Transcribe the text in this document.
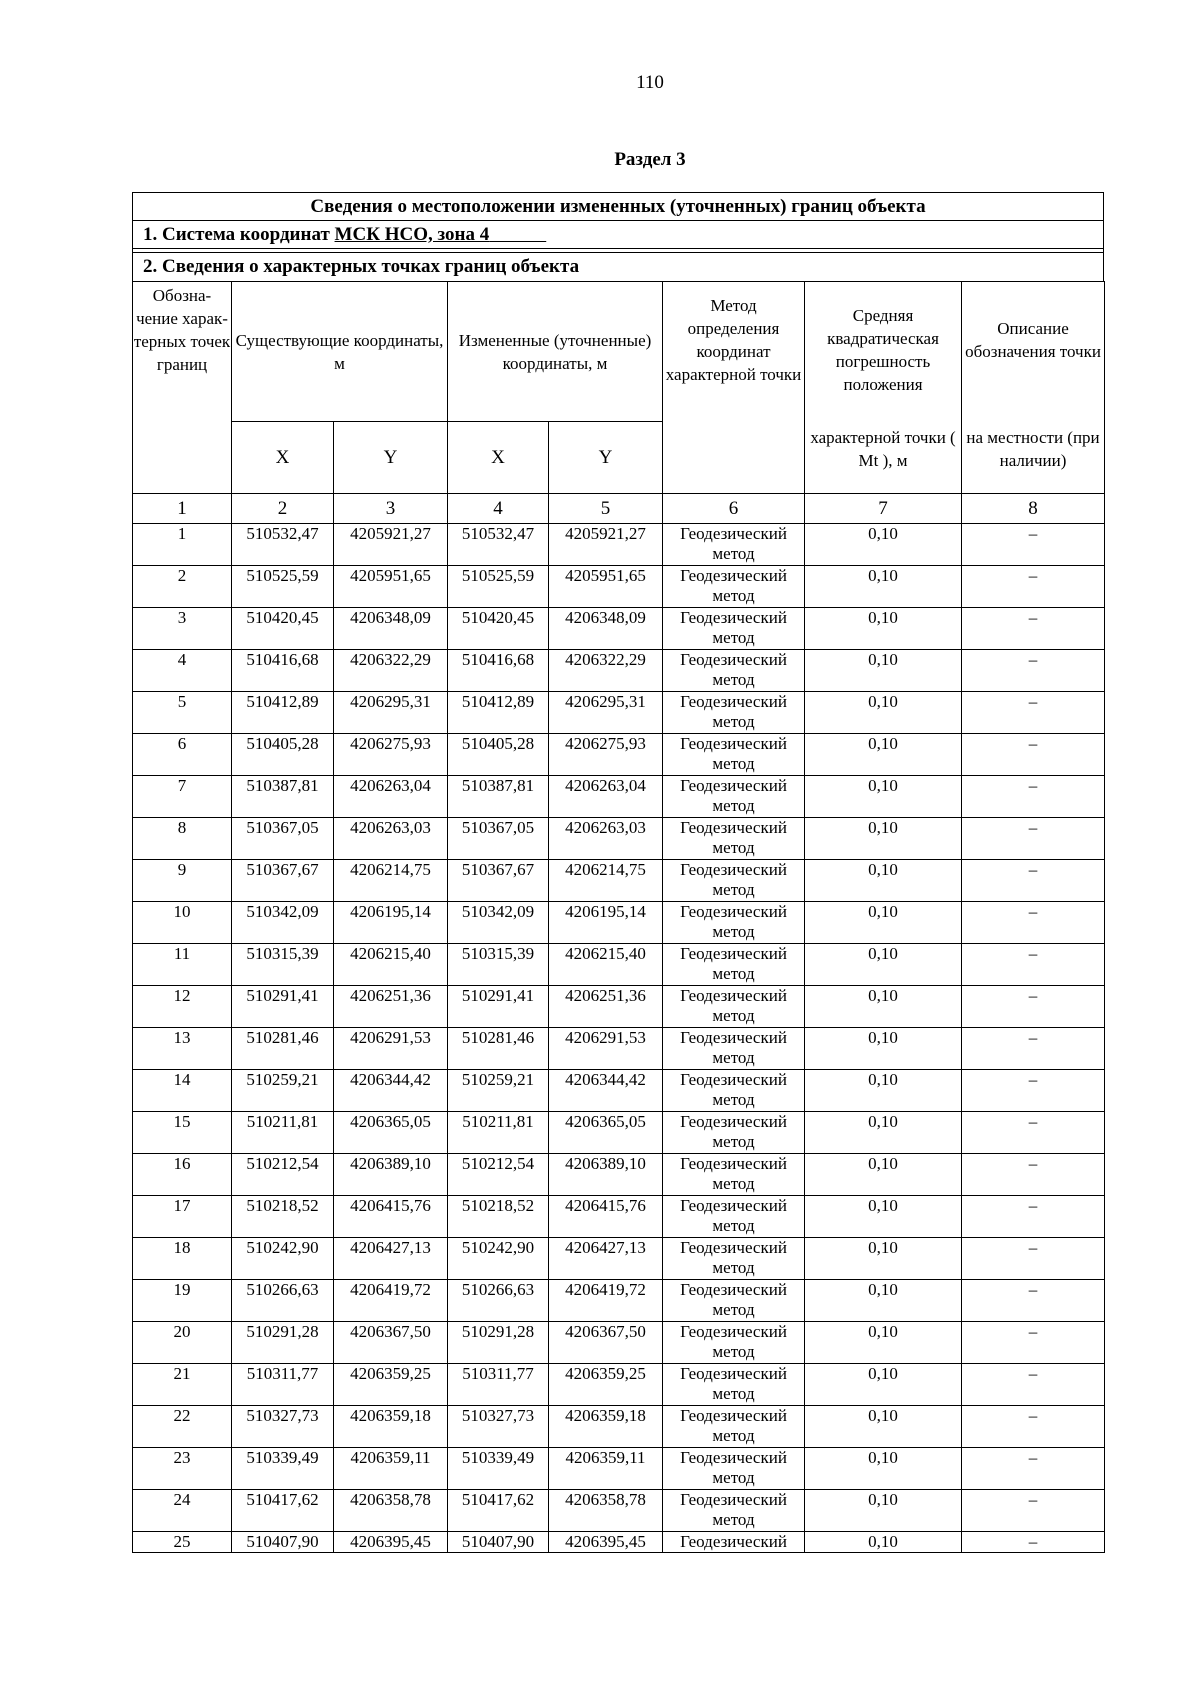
110
Раздел 3
Сведения о местоположении измененных (уточненных) границ объекта
1. Система координат МСК НСО, зона 4
2. Сведения о характерных точках границ объекта
Обозна-чение харак-терных точек границ	Существующие координаты, м		Измененные (уточненные) координаты, м		Метод определения координат характерной точки	Средняя квадратическая погрешность положения	Описание обозначения точки
	X	Y	X	Y		характерной точки ( Mt ), м	на местности (при наличии)
1	2	3	4	5	6	7	8
1	510532,47	4205921,27	510532,47	4205921,27	Геодезический метод	0,10	–
2	510525,59	4205951,65	510525,59	4205951,65	Геодезический метод	0,10	–
3	510420,45	4206348,09	510420,45	4206348,09	Геодезический метод	0,10	–
4	510416,68	4206322,29	510416,68	4206322,29	Геодезический метод	0,10	–
5	510412,89	4206295,31	510412,89	4206295,31	Геодезический метод	0,10	–
6	510405,28	4206275,93	510405,28	4206275,93	Геодезический метод	0,10	–
7	510387,81	4206263,04	510387,81	4206263,04	Геодезический метод	0,10	–
8	510367,05	4206263,03	510367,05	4206263,03	Геодезический метод	0,10	–
9	510367,67	4206214,75	510367,67	4206214,75	Геодезический метод	0,10	–
10	510342,09	4206195,14	510342,09	4206195,14	Геодезический метод	0,10	–
11	510315,39	4206215,40	510315,39	4206215,40	Геодезический метод	0,10	–
12	510291,41	4206251,36	510291,41	4206251,36	Геодезический метод	0,10	–
13	510281,46	4206291,53	510281,46	4206291,53	Геодезический метод	0,10	–
14	510259,21	4206344,42	510259,21	4206344,42	Геодезический метод	0,10	–
15	510211,81	4206365,05	510211,81	4206365,05	Геодезический метод	0,10	–
16	510212,54	4206389,10	510212,54	4206389,10	Геодезический метод	0,10	–
17	510218,52	4206415,76	510218,52	4206415,76	Геодезический метод	0,10	–
18	510242,90	4206427,13	510242,90	4206427,13	Геодезический метод	0,10	–
19	510266,63	4206419,72	510266,63	4206419,72	Геодезический метод	0,10	–
20	510291,28	4206367,50	510291,28	4206367,50	Геодезический метод	0,10	–
21	510311,77	4206359,25	510311,77	4206359,25	Геодезический метод	0,10	–
22	510327,73	4206359,18	510327,73	4206359,18	Геодезический метод	0,10	–
23	510339,49	4206359,11	510339,49	4206359,11	Геодезический метод	0,10	–
24	510417,62	4206358,78	510417,62	4206358,78	Геодезический метод	0,10	–
25	510407,90	4206395,45	510407,90	4206395,45	Геодезический	0,10	–
